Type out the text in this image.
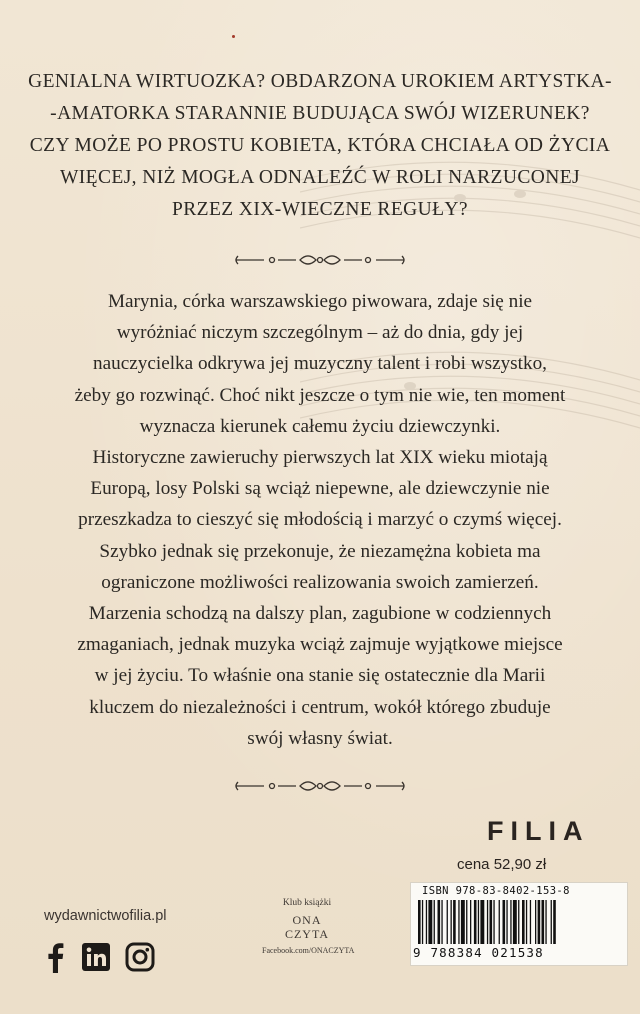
GENIALNA WIRTUOZKA? OBDARZONA UROKIEM ARTYSTKA-

-AMATORKA STARANNIE BUDUJĄCA SWÓJ WIZERUNEK?

CZY MOŻE PO PROSTU KOBIETA, KTÓRA CHCIAŁA OD ŻYCIA

WIĘCEJ, NIŻ MOGŁA ODNALEŹĆ W ROLI NARZUCONEJ

PRZEZ XIX-WIECZNE REGUŁY?

Marynia, córka warszawskiego piwowara, zdaje się nie

wyróżniać niczym szczególnym – aż do dnia, gdy jej

nauczycielka odkrywa jej muzyczny talent i robi wszystko,

żeby go rozwinąć. Choć nikt jeszcze o tym nie wie, ten moment

wyznacza kierunek całemu życiu dziewczynki.

Historyczne zawieruchy pierwszych lat XIX wieku miotają

Europą, losy Polski są wciąż niepewne, ale dziewczynie nie

przeszkadza to cieszyć się młodością i marzyć o czymś więcej.

Szybko jednak się przekonuje, że niezamężna kobieta ma

ograniczone możliwości realizowania swoich zamierzeń.

Marzenia schodzą na dalszy plan, zagubione w codziennych

zmaganiach, jednak muzyka wciąż zajmuje wyjątkowe miejsce

w jej życiu. To właśnie ona stanie się ostatecznie dla Marii

kluczem do niezależności i centrum, wokół którego zbuduje

swój własny świat.

FILIA
cena 52,90 zł
ISBN 978-83-8402-153-8
9 788384 021538
wydawnictwofilia.pl
Klub książki
ONA
CZYTA
Facebook.com/ONACZYTA
